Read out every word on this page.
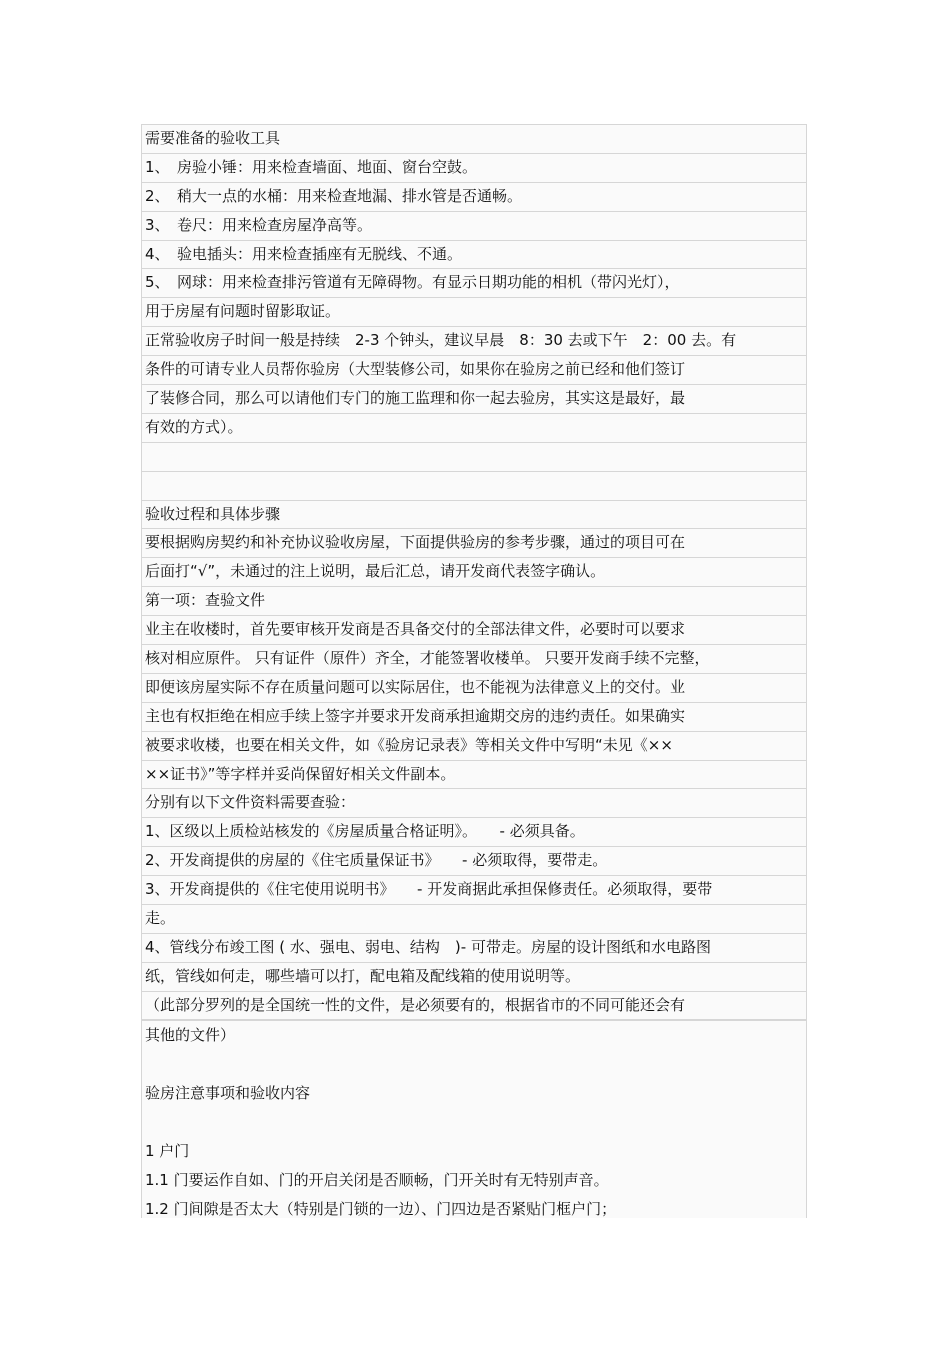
需要准备的验收工具
1、　房验小锤：用来检查墙面、地面、窗台空鼓。
2、　稍大一点的水桶：用来检查地漏、排水管是否通畅。
3、　卷尺：用来检查房屋净高等。
4、　验电插头：用来检查插座有无脱线、不通。
5、　网球：用来检查排污管道有无障碍物。有显示日期功能的相机（带闪光灯），
用于房屋有问题时留影取证。
正常验收房子时间一般是持续　2-3 个钟头，建议早晨　8：30 去或下午　2：00 去。有
条件的可请专业人员帮你验房（大型装修公司，如果你在验房之前已经和他们签订
了装修合同，那么可以请他们专门的施工监理和你一起去验房，其实这是最好，最
有效的方式）。
验收过程和具体步骤
要根据购房契约和补充协议验收房屋，下面提供验房的参考步骤，通过的项目可在
后面打“√”，未通过的注上说明，最后汇总，请开发商代表签字确认。
第一项：查验文件
业主在收楼时，首先要审核开发商是否具备交付的全部法律文件，必要时可以要求
核对相应原件。 只有证件（原件）齐全，才能签署收楼单。 只要开发商手续不完整，
即便该房屋实际不存在质量问题可以实际居住，也不能视为法律意义上的交付。业
主也有权拒绝在相应手续上签字并要求开发商承担逾期交房的违约责任。如果确实
被要求收楼，也要在相关文件，如《验房记录表》等相关文件中写明“未见《××
××证书》”等字样并妥尚保留好相关文件副本。
分别有以下文件资料需要查验：
1、区级以上质检站核发的《房屋质量合格证明》。　　- 必须具备。
2、开发商提供的房屋的《住宅质量保证书》　　- 必须取得，要带走。
3、开发商提供的《住宅使用说明书》　　- 开发商据此承担保修责任。必须取得，要带
走。
4、管线分布竣工图 ( 水、强电、弱电、结构　)- 可带走。房屋的设计图纸和水电路图
纸，管线如何走，哪些墙可以打，配电箱及配线箱的使用说明等。
（此部分罗列的是全国统一性的文件，是必须要有的，根据省市的不同可能还会有
其他的文件）
验房注意事项和验收内容
1 户门
1.1 门要运作自如、门的开启关闭是否顺畅，门开关时有无特别声音。
1.2 门间隙是否太大（特别是门锁的一边）、门四边是否紧贴门框户门；
